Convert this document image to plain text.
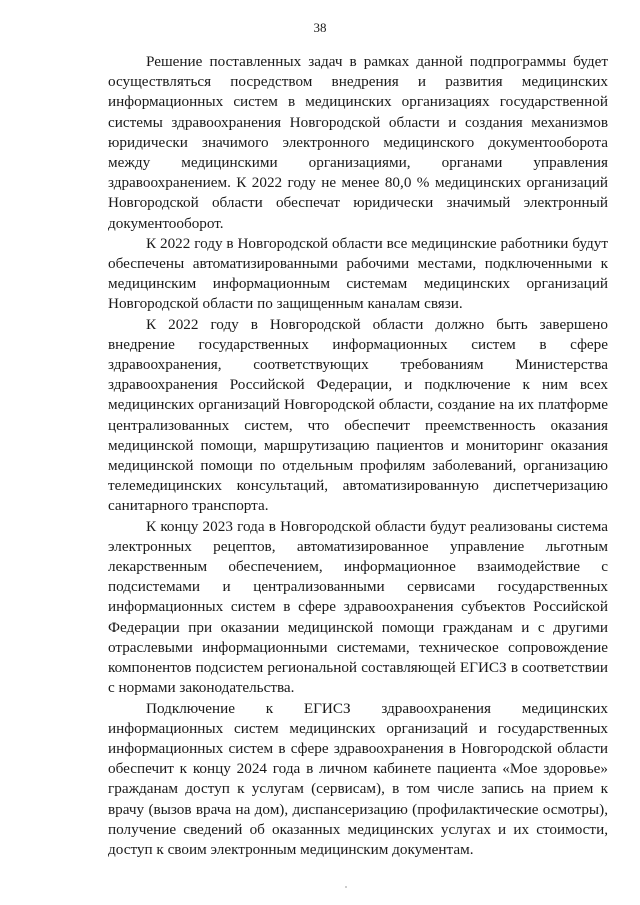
38

Решение поставленных задач в рамках данной подпрограммы будет осуществляться посредством внедрения и развития медицинских информационных систем в медицинских организациях государственной системы здравоохранения Новгородской области и создания механизмов юридически значимого электронного медицинского документооборота между медицинскими организациями, органами управления здравоохранением. К 2022 году не менее 80,0 % медицинских организаций Новгородской области обеспечат юридически значимый электронный документооборот.

К 2022 году в Новгородской области все медицинские работники будут обеспечены автоматизированными рабочими местами, подключенными к медицинским информационным системам медицинских организаций Новгородской области по защищенным каналам связи.

К 2022 году в Новгородской области должно быть завершено внедрение государственных информационных систем в сфере здравоохранения, соответствующих требованиям Министерства здравоохранения Российской Федерации, и подключение к ним всех медицинских организаций Новгородской области, создание на их платформе централизованных систем, что обеспечит преемственность оказания медицинской помощи, маршрутизацию пациентов и мониторинг оказания медицинской помощи по отдельным профилям заболеваний, организацию телемедицинских консультаций, автоматизированную диспетчеризацию санитарного транспорта.

К концу 2023 года в Новгородской области будут реализованы система электронных рецептов, автоматизированное управление льготным лекарственным обеспечением, информационное взаимодействие с подсистемами и централизованными сервисами государственных информационных систем в сфере здравоохранения субъектов Российской Федерации при оказании медицинской помощи гражданам и с другими отраслевыми информационными системами, техническое сопровождение компонентов подсистем региональной составляющей ЕГИСЗ в соответствии с нормами законодательства.

Подключение к ЕГИСЗ здравоохранения медицинских информационных систем медицинских организаций и государственных информационных систем в сфере здравоохранения в Новгородской области обеспечит к концу 2024 года в личном кабинете пациента «Мое здоровье» гражданам доступ к услугам (сервисам), в том числе запись на прием к врачу (вызов врача на дом), диспансеризацию (профилактические осмотры), получение сведений об оказанных медицинских услугах и их стоимости, доступ к своим электронным медицинским документам.
